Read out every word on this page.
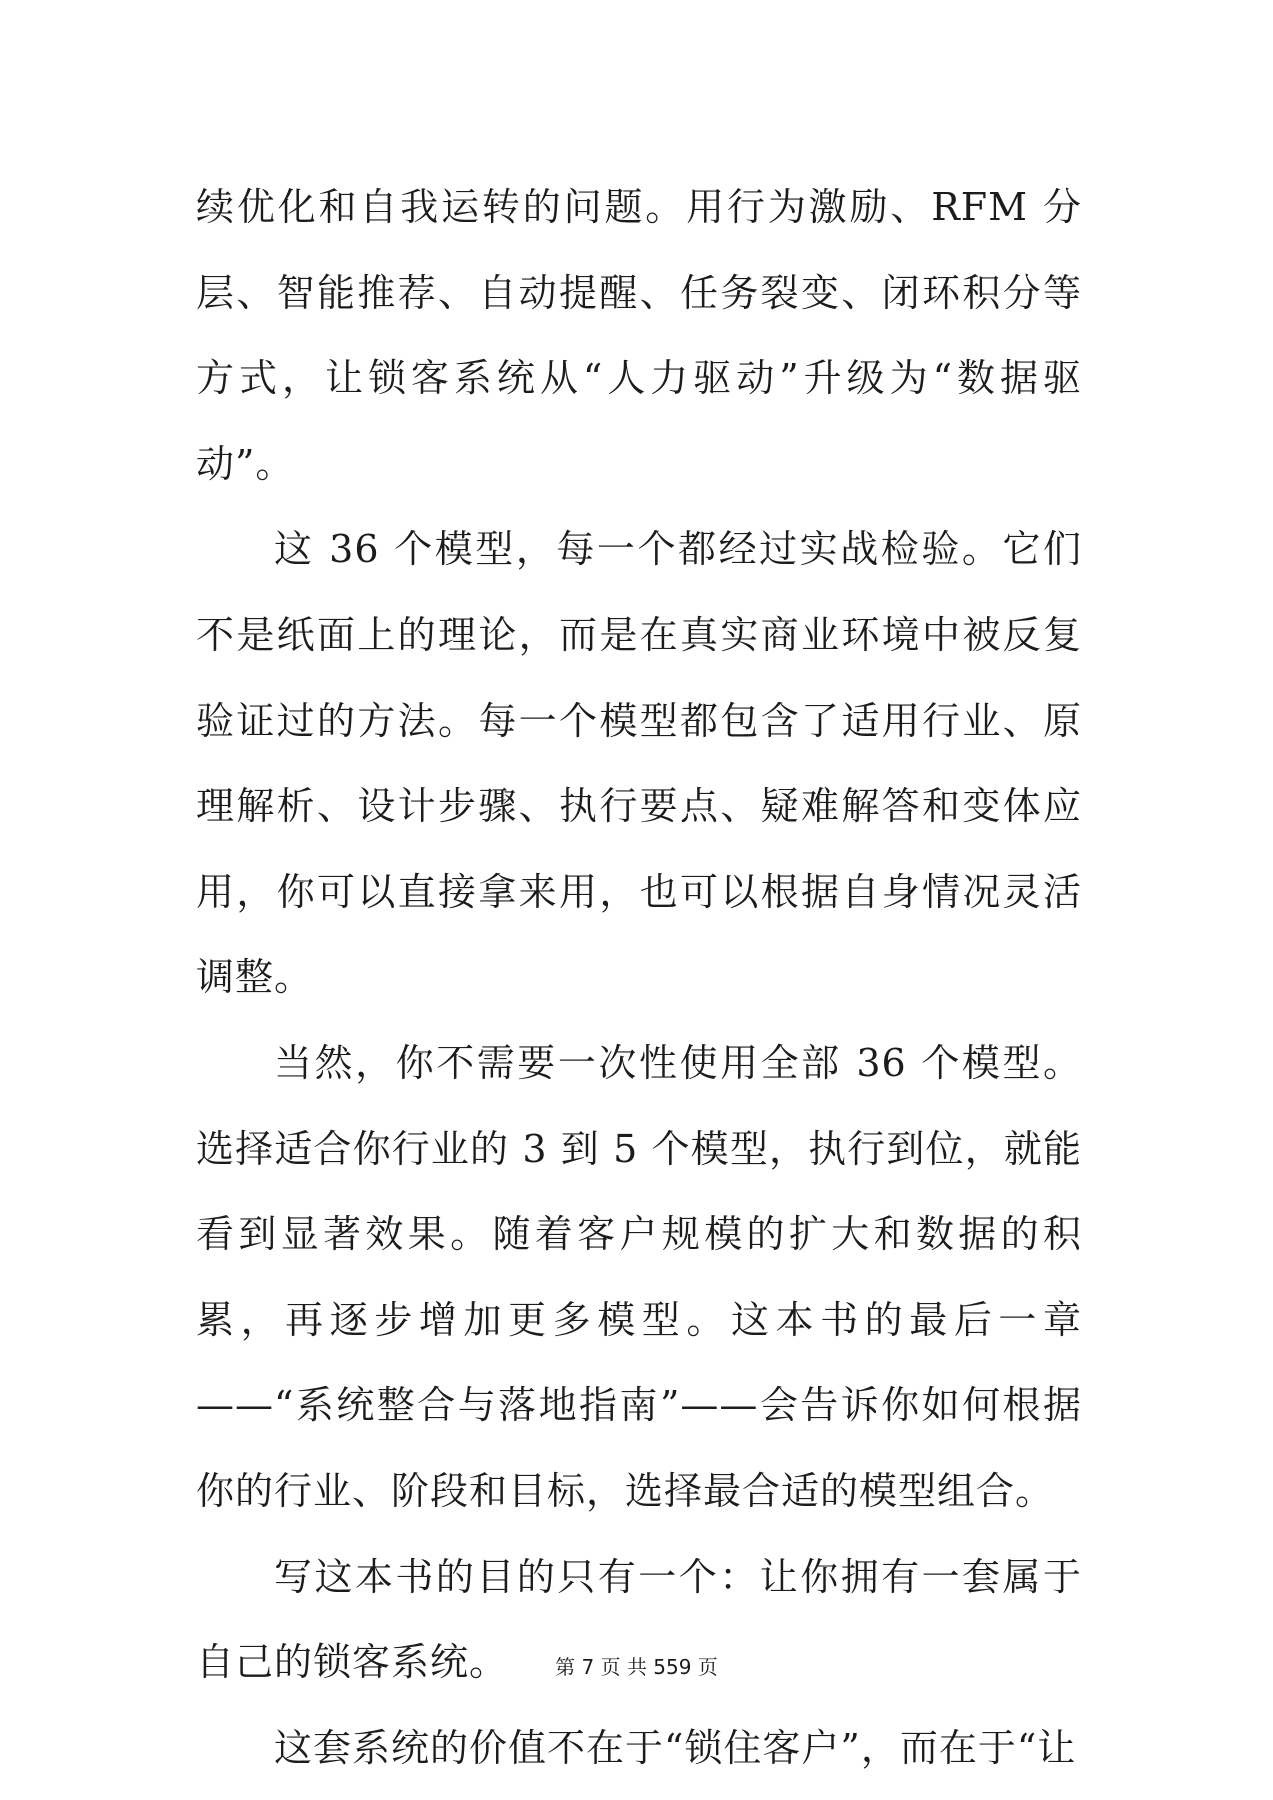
续优化和自我运转的问题。用行为激励、RFM 分层、智能推荐、自动提醒、任务裂变、闭环积分等方式，让锁客系统从“人力驱动”升级为“数据驱动”。

这 36 个模型，每一个都经过实战检验。它们不是纸面上的理论，而是在真实商业环境中被反复验证过的方法。每一个模型都包含了适用行业、原理解析、设计步骤、执行要点、疑难解答和变体应用，你可以直接拿来用，也可以根据自身情况灵活调整。

当然，你不需要一次性使用全部 36 个模型。选择适合你行业的 3 到 5 个模型，执行到位，就能看到显著效果。随着客户规模的扩大和数据的积累，再逐步增加更多模型。这本书的最后一章——“系统整合与落地指南”——会告诉你如何根据你的行业、阶段和目标，选择最合适的模型组合。

写这本书的目的只有一个：让你拥有一套属于自己的锁客系统。

这套系统的价值不在于“锁住客户”，而在于“让

第 7 页 共 559 页
